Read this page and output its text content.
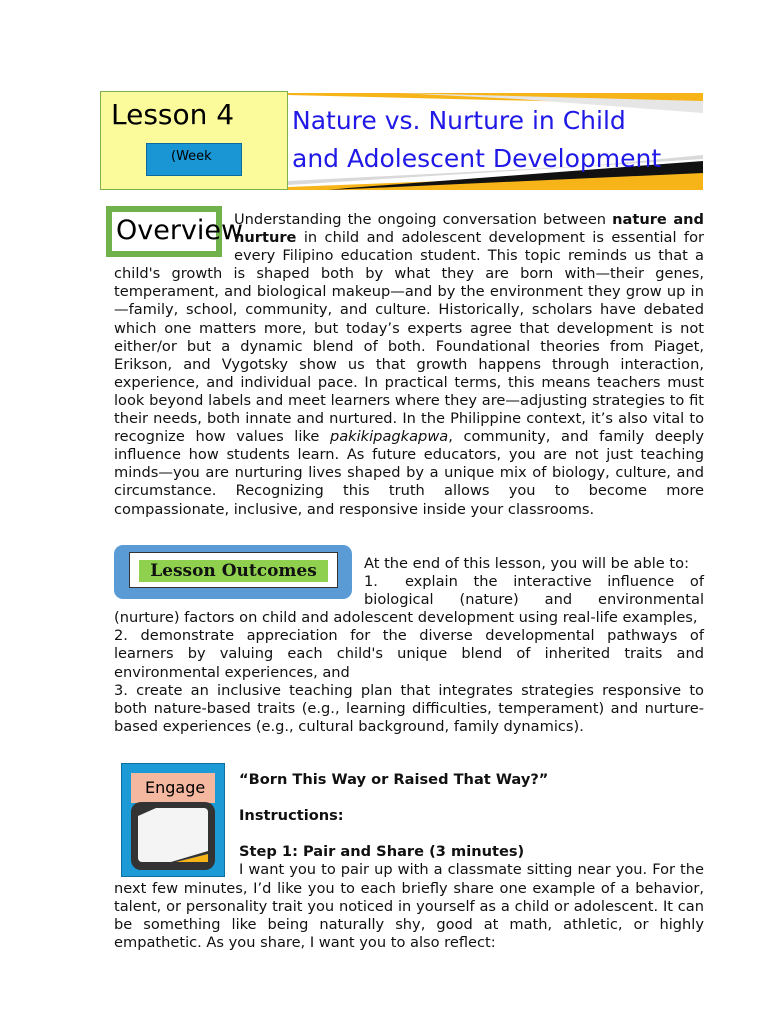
Lesson 4
(Week
Nature vs. Nurture in Child
and Adolescent Development
Overview
Understanding the ongoing conversation between nature and nurture in child and adolescent development is essential for every Filipino education student. This topic reminds us that a child's growth is shaped both by what they are born with—their genes, temperament, and biological makeup—and by the environment they grow up in—family, school, community, and culture. Historically, scholars have debated which one matters more, but today’s experts agree that development is not either/or but a dynamic blend of both. Foundational theories from Piaget, Erikson, and Vygotsky show us that growth happens through interaction, experience, and individual pace. In practical terms, this means teachers must look beyond labels and meet learners where they are—adjusting strategies to fit their needs, both innate and nurtured. In the Philippine context, it’s also vital to recognize how values like pakikipagkapwa, community, and family deeply influence how students learn. As future educators, you are not just teaching minds—you are nurturing lives shaped by a unique mix of biology, culture, and circumstance. Recognizing this truth allows you to become more compassionate, inclusive, and responsive inside your classrooms.
Lesson Outcomes	At the end of this lesson, you will be able to:
1. explain the interactive influence of biological (nature) and environmental (nurture) factors on child and adolescent development using real-life examples,
2. demonstrate appreciation for the diverse developmental pathways of learners by valuing each child's unique blend of inherited traits and environmental experiences, and
3. create an inclusive teaching plan that integrates strategies responsive to both nature-based traits (e.g., learning difficulties, temperament) and nurture-based experiences (e.g., cultural background, family dynamics).
Engage	“Born This Way or Raised That Way?”
Instructions:
Step 1: Pair and Share (3 minutes)
I want you to pair up with a classmate sitting near you. For the next few minutes, I’d like you to each briefly share one example of a behavior, talent, or personality trait you noticed in yourself as a child or adolescent. It can be something like being naturally shy, good at math, athletic, or highly empathetic. As you share, I want you to also reflect:
